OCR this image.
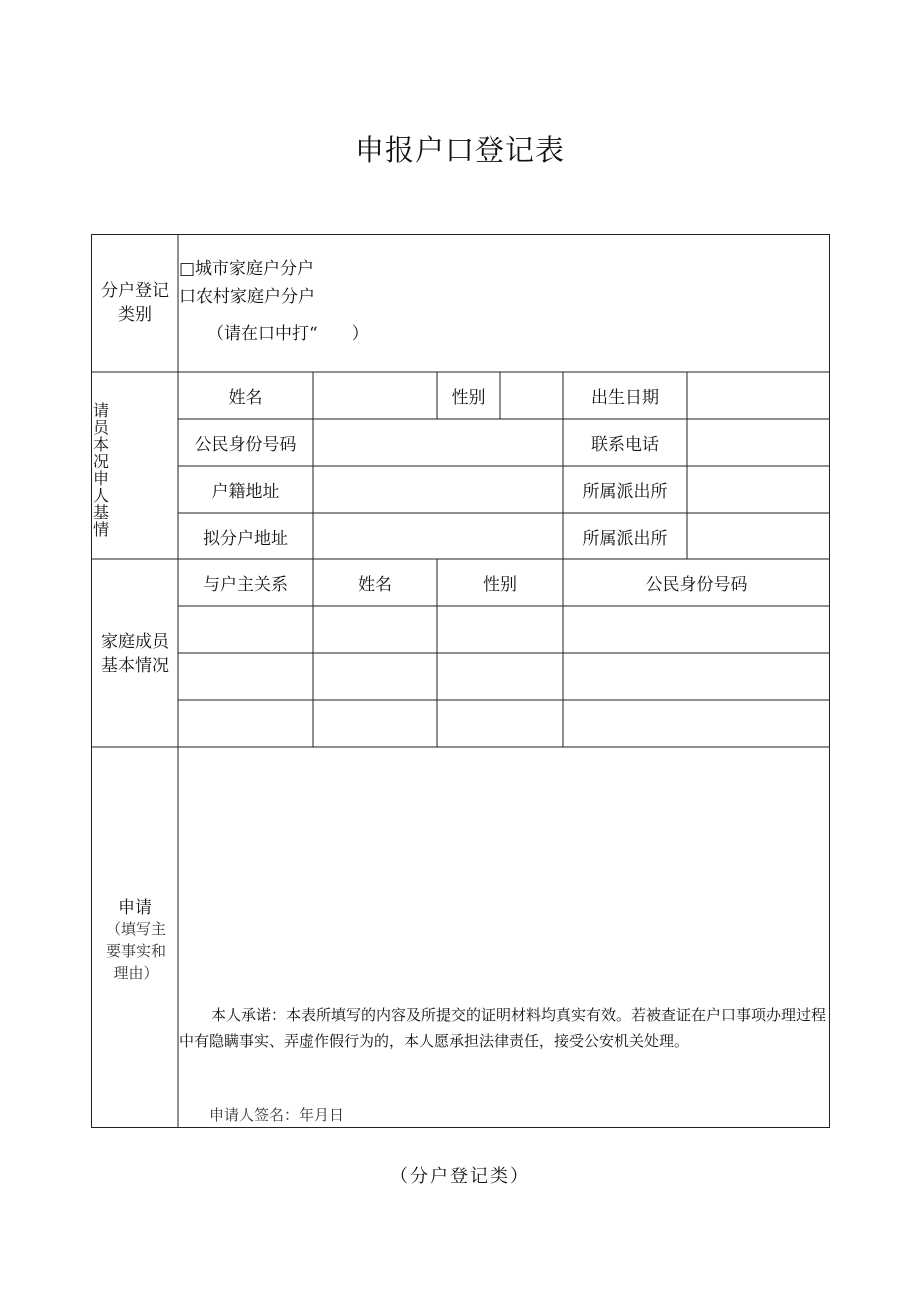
申报户口登记表
分户登记类别
□城市家庭户分户
口农村家庭户分户
（请在口中打“　　）
请员本况申人基情
姓名	性别	出生日期
公民身份号码	联系电话
户籍地址	所属派出所
拟分户地址	所属派出所
家庭成员基本情况
与户主关系	姓名	性别	公民身份号码
申请
（填写主要事实和理由）
本人承诺：本表所填写的内容及所提交的证明材料均真实有效。若被查证在户口事项办理过程中有隐瞒事实、弄虚作假行为的，本人愿承担法律责任，接受公安机关处理。
申请人签名：年月日
（分户登记类）
